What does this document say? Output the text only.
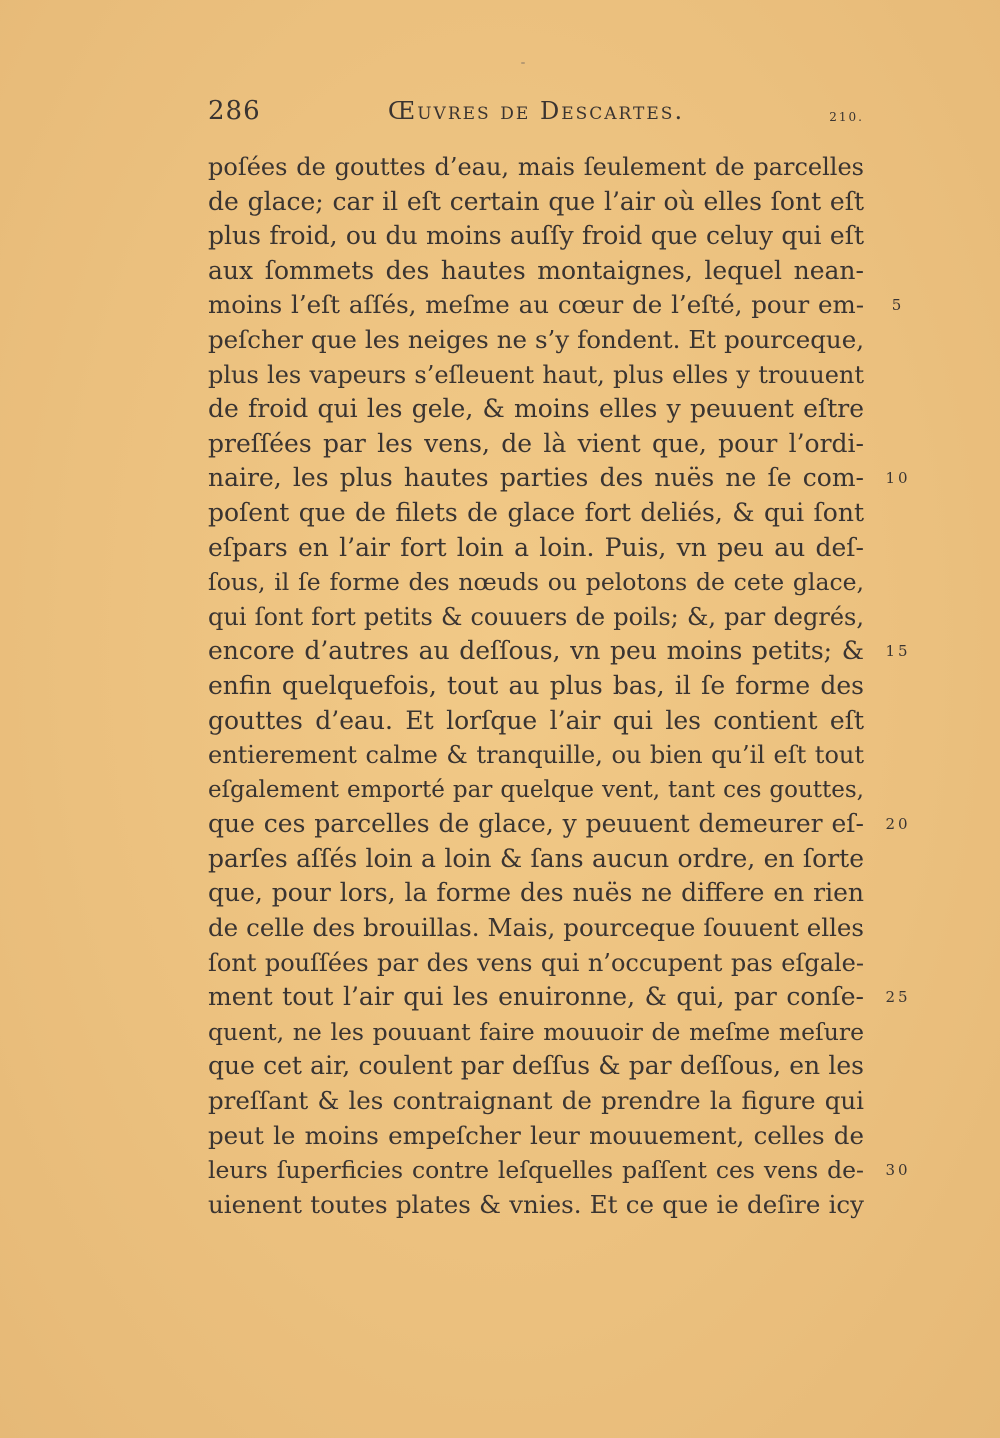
286	Œuvres de Descartes.	210.
poſées de gouttes d’eau, mais ſeulement de parcelles
de glace; car il eſt certain que l’air où elles ſont eſt
plus froid, ou du moins auſſy froid que celuy qui eſt
aux ſommets des hautes montaignes, lequel nean-
moins l’eſt aſſés, meſme au cœur de l’eſté, pour em-
peſcher que les neiges ne s’y fondent. Et pourceque,
plus les vapeurs s’eſleuent haut, plus elles y trouuent
de froid qui les gele, & moins elles y peuuent eſtre
preſſées par les vens, de là vient que, pour l’ordi-
naire, les plus hautes parties des nuës ne ſe com-
poſent que de filets de glace fort deliés, & qui ſont
eſpars en l’air fort loin a loin. Puis, vn peu au deſ-
ſous, il ſe forme des nœuds ou pelotons de cete glace,
qui ſont fort petits & couuers de poils; &, par degrés,
encore d’autres au deſſous, vn peu moins petits; &
enfin quelquefois, tout au plus bas, il ſe forme des
gouttes d’eau. Et lorſque l’air qui les contient eſt
entierement calme & tranquille, ou bien qu’il eſt tout
eſgalement emporté par quelque vent, tant ces gouttes,
que ces parcelles de glace, y peuuent demeurer eſ-
parſes aſſés loin a loin & ſans aucun ordre, en ſorte
que, pour lors, la forme des nuës ne differe en rien
de celle des brouillas. Mais, pourceque ſouuent elles
ſont pouſſées par des vens qui n’occupent pas eſgale-
ment tout l’air qui les enuironne, & qui, par conſe-
quent, ne les pouuant faire mouuoir de meſme meſure
que cet air, coulent par deſſus & par deſſous, en les
preſſant & les contraignant de prendre la figure qui
peut le moins empeſcher leur mouuement, celles de
leurs ſuperficies contre leſquelles paſſent ces vens de-
uienent toutes plates & vnies. Et ce que ie deſire icy
5
10
15
20
25
30
